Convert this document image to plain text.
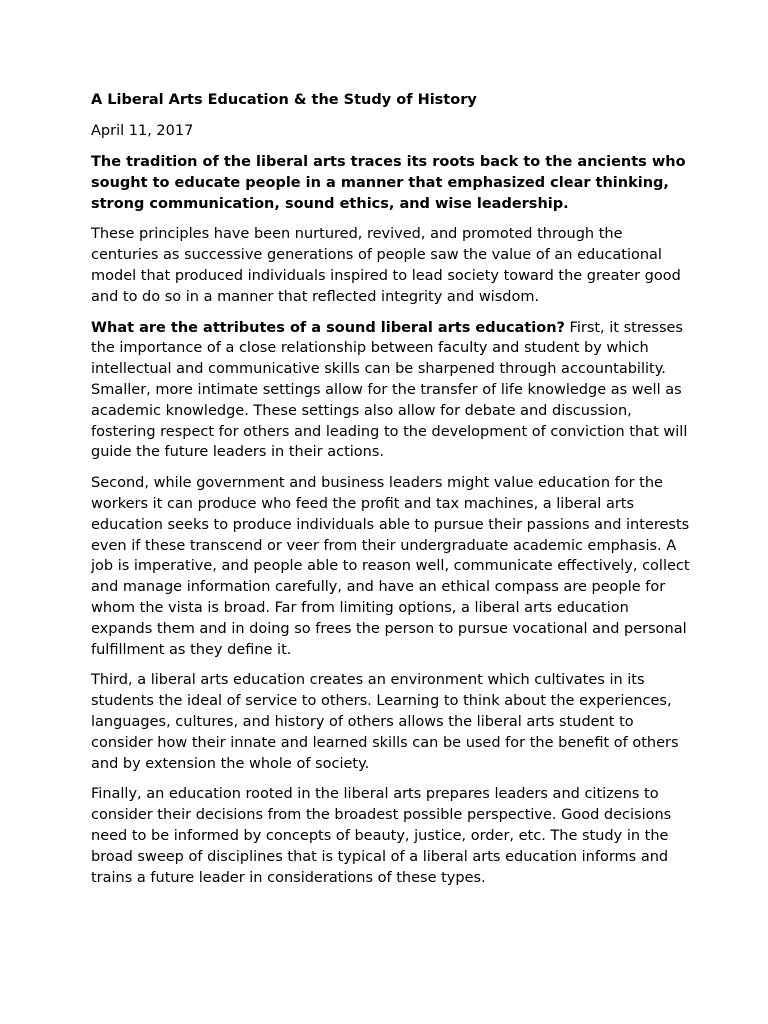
A Liberal Arts Education & the Study of History
April 11, 2017

The tradition of the liberal arts traces its roots back to the ancients who sought to educate people in a manner that emphasized clear thinking, strong communication, sound ethics, and wise leadership.

These principles have been nurtured, revived, and promoted through the centuries as successive generations of people saw the value of an educational model that produced individuals inspired to lead society toward the greater good and to do so in a manner that reflected integrity and wisdom.

What are the attributes of a sound liberal arts education? First, it stresses the importance of a close relationship between faculty and student by which intellectual and communicative skills can be sharpened through accountability. Smaller, more intimate settings allow for the transfer of life knowledge as well as academic knowledge. These settings also allow for debate and discussion, fostering respect for others and leading to the development of conviction that will guide the future leaders in their actions.

Second, while government and business leaders might value education for the workers it can produce who feed the profit and tax machines, a liberal arts education seeks to produce individuals able to pursue their passions and interests even if these transcend or veer from their undergraduate academic emphasis. A job is imperative, and people able to reason well, communicate effectively, collect and manage information carefully, and have an ethical compass are people for whom the vista is broad. Far from limiting options, a liberal arts education expands them and in doing so frees the person to pursue vocational and personal fulfillment as they define it.

Third, a liberal arts education creates an environment which cultivates in its students the ideal of service to others. Learning to think about the experiences, languages, cultures, and history of others allows the liberal arts student to consider how their innate and learned skills can be used for the benefit of others and by extension the whole of society.

Finally, an education rooted in the liberal arts prepares leaders and citizens to consider their decisions from the broadest possible perspective. Good decisions need to be informed by concepts of beauty, justice, order, etc. The study in the broad sweep of disciplines that is typical of a liberal arts education informs and trains a future leader in considerations of these types.
